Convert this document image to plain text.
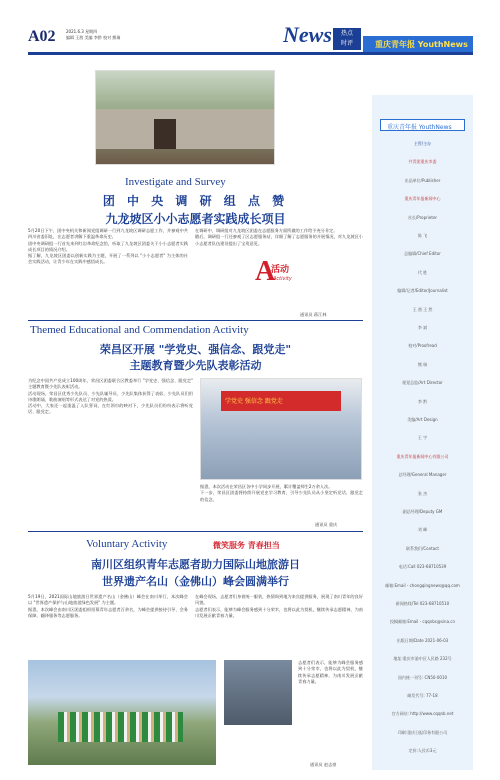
A02	2021.6.3 星期四
编辑 王茜 美编 李黔 校对 熊瑞	News	热点
时评	重庆青年报 YouthNews
Investigate and Survey
团 中 央 调 研 组 点 赞
九龙坡区小小志愿者实践成长项目

5月20日下午，团中央机关和新闻党组调研一行到九龙坡区调研志愿工作，并参观中共四川省委旧址，在志愿者讲解下重温革命历史。

团中央调研组一行首先来到红岩革命纪念馆，听取了九龙坡区团委关于小小志愿者实践成长项目的情况介绍。

据了解，九龙坡区团委以创新实践为主题，开展了一系列以 "小小志愿者" 为主体的社会实践活动，让青少年在实践中感悟成长。

在调研中，调研组对九龙坡区团委在志愿服务方面所做的工作给予充分肯定。

随后，调研组一行还参观了区志愿服务站，详细了解了志愿服务的开展情况，对九龙坡区小小志愿者队伍建设提出了宝贵意见。

A
活动
Activity
通讯员 蒋江林
Themed Educational and Commendation Activity
荣昌区开展 "学党史、强信念、跟党走"
主题教育暨少先队表彰活动

为纪念中国共产党成立100周年，荣昌区团委联合区教委举行 "学党史、强信念、跟党走" 主题教育暨少先队表彰活动。

活动现场，荣昌区优秀少先队员、少先队辅导员、少先队集体获得了表彰，少先队员们用诗歌朗诵、歌曲演唱等形式表达了对党的热爱。

活动中，大家还一起重温了入队誓词，在红领巾的映衬下，少先队员们纷纷表示将听党话、跟党走。

学党史 强信念 跟党走

据悉，本次活动在荣昌区各中小学同步开展，累计覆盖师生2万余人次。

下一步，荣昌区团委将持续开展党史学习教育，引导少先队员从小坚定听党话、跟党走的信念。

通讯员 重庆
Voluntary Activity	微笑服务 青春担当
南川区组织青年志愿者助力国际山地旅游日
世界遗产名山（金佛山）峰会圆满举行

5月19日，2021国际山地旅游日世界遗产名山（金佛山）峰会在南川举行，本次峰会以 "世界遗产保护与山地旅游绿色发展" 为主题。

据悉，本次峰会由南川区团委组织招募青年志愿者百余名，为峰会提供接待引导、会务保障、翻译服务等志愿服务。

在峰会现场，志愿者们身着统一服装，热情周到地为来宾提供服务，展现了南川青年的良好风貌。

志愿者们表示，能够为峰会服务感到十分荣幸，也将以此为契机，继续传承志愿精神，为南川发展贡献青春力量。

志愿者们表示，能够为峰会服务感到十分荣幸，也将以此为契机，继续传承志愿精神，为南川发展贡献青春力量。

通讯员 赵志豪
重庆青年报 YouthNews
主管/主办
共青团重庆市委
出品单位/Publisher
重庆青年报新闻中心
社长/Proprieter
陈 飞
总编辑/Chief Editor
代 胜
编辑/记者/Editor/Journalist
王 茜 王 然
李 斌
校对/Proofread
熊 瑞
视觉总监/Art Director
李 黔
美编/Art Design
王 宇
重庆青年报新闻中心有限公司
总经理/General Manager
张 杰
副总经理/Deputy GM
刘 峰
联系我们/Contact
电话:Call 023-68710539
邮箱:Email - chongqingnews@qq.com
新闻热线/Tel 023-68710510
投稿邮箱:Email - cqqnbs@sina.cn
出版日期/Date 2021-06-03
地址:重庆市渝中区人民路 232号
国内统一刊号: CN50-0010
邮发代号: 77-18
官方网站: http://www.cqqnb.net
印刷:重庆日报印务有限公司
定价:人民币3元
